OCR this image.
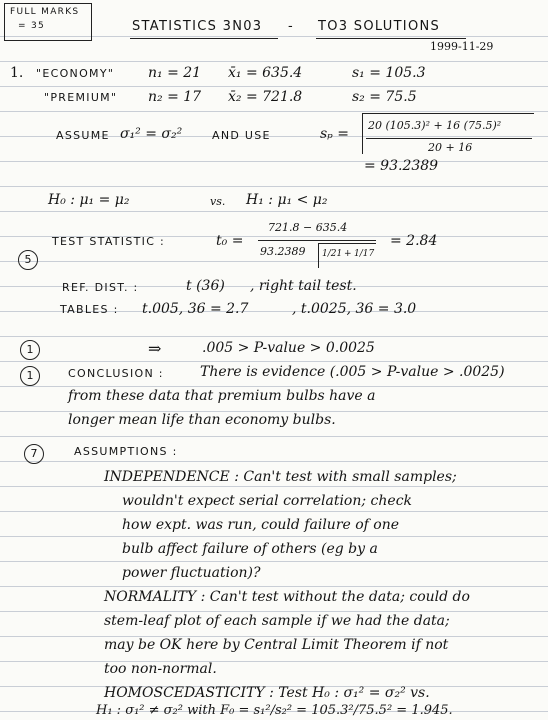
FULL MARKS
= 35	STATISTICS 3N03 - TO3 SOLUTIONS
1999-11-29
1. "ECONOMY" n₁ = 21 x̄₁ = 635.4	s₁ = 105.3
"PREMIUM" n₂ = 17 x̄₂ = 721.8	s₂ = 75.5
ASSUME σ₁² = σ₂²	AND USE	sₚ =
20 (105.3)² + 16 (75.5)²
20 + 16
= 93.2389
H₀ : μ₁ = μ₂	vs. H₁ : μ₁ < μ₂
5
TEST STATISTIC :	t₀ =
721.8 − 635.4
93.2389 1/21 + 1/17
= 2.84
REF. DIST. :	t (36) , right tail test.
TABLES : t.005, 36 = 2.7	, t.0025, 36 = 3.0
1	⇒	.005 > P-value > 0.0025
1	CONCLUSION :	There is evidence (.005 > P-value > .0025)
from these data that premium bulbs have a
longer mean life than economy bulbs.
7	ASSUMPTIONS :
INDEPENDENCE : Can't test with small samples;
wouldn't expect serial correlation; check
how expt. was run, could failure of one
bulb affect failure of others (eg by a
power fluctuation)?
NORMALITY : Can't test without the data; could do
stem-leaf plot of each sample if we had the data;
may be OK here by Central Limit Theorem if not
too non-normal.
HOMOSCEDASTICITY : Test H₀ : σ₁² = σ₂² vs.
H₁ : σ₁² ≠ σ₂² with F₀ = s₁²/s₂² = 105.3²/75.5² = 1.945.
